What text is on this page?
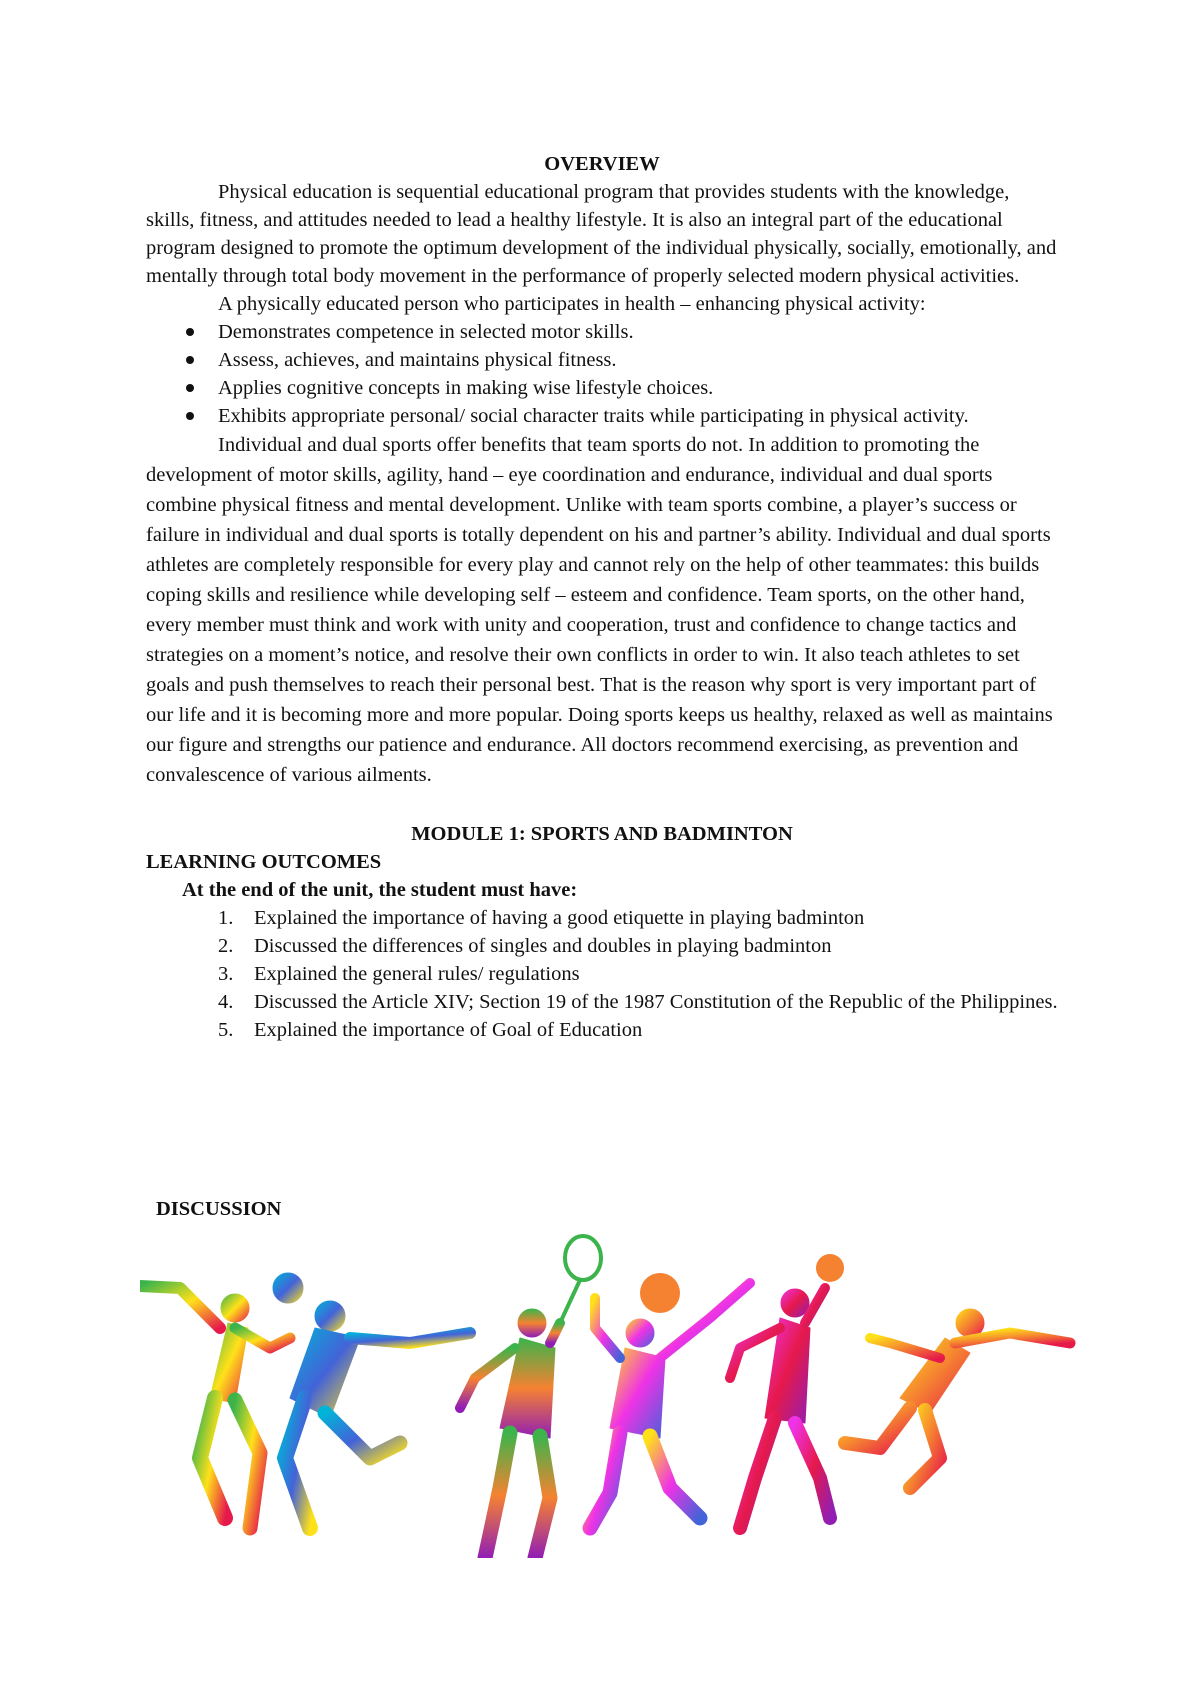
OVERVIEW

Physical education is sequential educational program that provides students with the knowledge, skills, fitness, and attitudes needed to lead a healthy lifestyle. It is also an integral part of the educational program designed to promote the optimum development of the individual physically, socially, emotionally, and mentally through total body movement in the performance of properly selected modern physical activities.

A physically educated person who participates in health – enhancing physical activity:

Demonstrates competence in selected motor skills.
Assess, achieves, and maintains physical fitness.
Applies cognitive concepts in making wise lifestyle choices.
Exhibits appropriate personal/ social character traits while participating in physical activity.

Individual and dual sports offer benefits that team sports do not. In addition to promoting the development of motor skills, agility, hand – eye coordination and endurance, individual and dual sports combine physical fitness and mental development. Unlike with team sports combine, a player’s success or failure in individual and dual sports is totally dependent on his and partner’s ability. Individual and dual sports athletes are completely responsible for every play and cannot rely on the help of other teammates: this builds coping skills and resilience while developing self – esteem and confidence. Team sports, on the other hand, every member must think and work with unity and cooperation, trust and confidence to change tactics and strategies on a moment’s notice, and resolve their own conflicts in order to win. It also teach athletes to set goals and push themselves to reach their personal best. That is the reason why sport is very important part of our life and it is becoming more and more popular. Doing sports keeps us healthy, relaxed as well as maintains our figure and strengths our patience and endurance. All doctors recommend exercising, as prevention and convalescence of various ailments.

MODULE 1: SPORTS AND BADMINTON

LEARNING OUTCOMES

At the end of the unit, the student must have:

1. Explained the importance of having a good etiquette in playing badminton
2. Discussed the differences of singles and doubles in playing badminton
3. Explained the general rules/ regulations
4. Discussed the Article XIV; Section 19 of the 1987 Constitution of the Republic of the Philippines.
5. Explained the importance of Goal of Education
DISCUSSION
